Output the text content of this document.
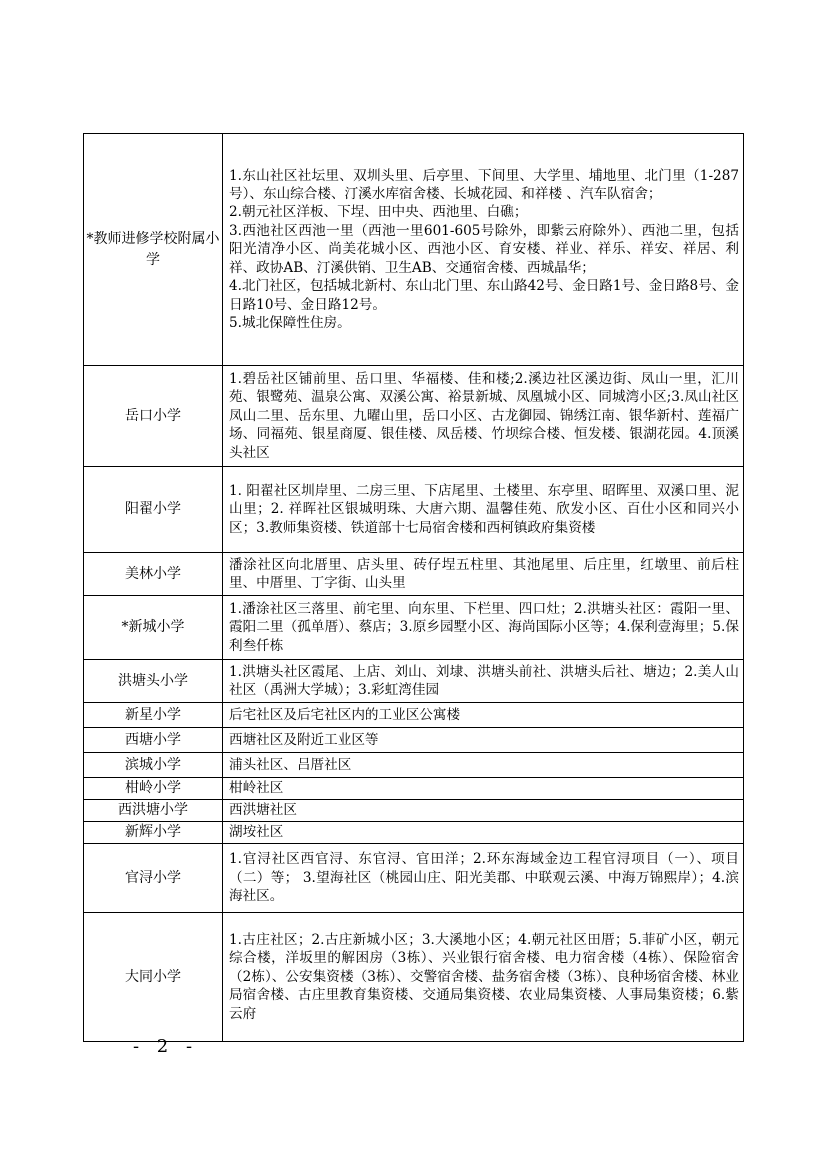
*教师进修学校附属小学	1.东山社区社坛里、双圳头里、后亭里、下间里、大学里、埔地里、北门里（1-287号）、东山综合楼、汀溪水库宿舍楼、长城花园、和祥楼 、汽车队宿舍；
2.朝元社区洋板、下埕、田中央、西池里、白礁；
3.西池社区西池一里（西池一里601-605号除外，即紫云府除外）、西池二里，包括阳光清净小区、尚美花城小区、西池小区、育安楼、祥业、祥乐、祥安、祥居、利祥、政协AB、汀溪供销、卫生AB、交通宿舍楼、西城晶华；
4.北门社区，包括城北新村、东山北门里、东山路42号、金日路1号、金日路8号、金日路10号、金日路12号。
5.城北保障性住房。
岳口小学	1.碧岳社区铺前里、岳口里、华福楼、佳和楼;2.溪边社区溪边街、凤山一里，汇川苑、银鹭苑、温泉公寓、双溪公寓、裕景新城、凤凰城小区、同城湾小区;3.凤山社区凤山二里、岳东里、九曜山里，岳口小区、古龙御园、锦绣江南、银华新村、莲福广场、同福苑、银星商厦、银佳楼、凤岳楼、竹坝综合楼、恒发楼、银湖花园。4.顶溪头社区
阳翟小学	1. 阳翟社区圳岸里、二房三里、下店尾里、土楼里、东亭里、昭晖里、双溪口里、泥山里；2. 祥晖社区银城明珠、大唐六期、温馨佳苑、欣发小区、百仕小区和同兴小区；3.教师集资楼、铁道部十七局宿舍楼和西柯镇政府集资楼
美林小学	潘涂社区向北厝里、店头里、砖仔埕五柱里、其池尾里、后庄里，红墩里、前后柱里、中厝里、丁字街、山头里
*新城小学	1.潘涂社区三落里、前宅里、向东里、下栏里、四口灶；2.洪塘头社区：霞阳一里、霞阳二里（孤单厝）、蔡店；3.原乡园墅小区、海尚国际小区等；4.保利壹海里；5.保利叁仟栋
洪塘头小学	1.洪塘头社区霞尾、上店、刘山、刘埭、洪塘头前社、洪塘头后社、塘边；2.美人山社区（禹洲大学城）；3.彩虹湾佳园
新星小学	后宅社区及后宅社区内的工业区公寓楼
西塘小学	西塘社区及附近工业区等
滨城小学	浦头社区、吕厝社区
柑岭小学	柑岭社区
西洪塘小学	西洪塘社区
新辉小学	湖垵社区
官浔小学	1.官浔社区西官浔、东官浔、官田洋；2.环东海域金边工程官浔项目（一）、项目（二）等； 3.望海社区（桃园山庄、阳光美郡、中联观云溪、中海万锦熙岸）；4.滨海社区。
大同小学	1.古庄社区；2.古庄新城小区；3.大溪地小区；4.朝元社区田厝；5.菲矿小区，朝元综合楼，洋坂里的解困房（3栋）、兴业银行宿舍楼、电力宿舍楼（4栋）、保险宿舍（2栋）、公安集资楼（3栋）、交警宿舍楼、盐务宿舍楼（3栋）、良种场宿舍楼、林业局宿舍楼、古庄里教育集资楼、交通局集资楼、农业局集资楼、人事局集资楼；6.紫云府
- 2 -
